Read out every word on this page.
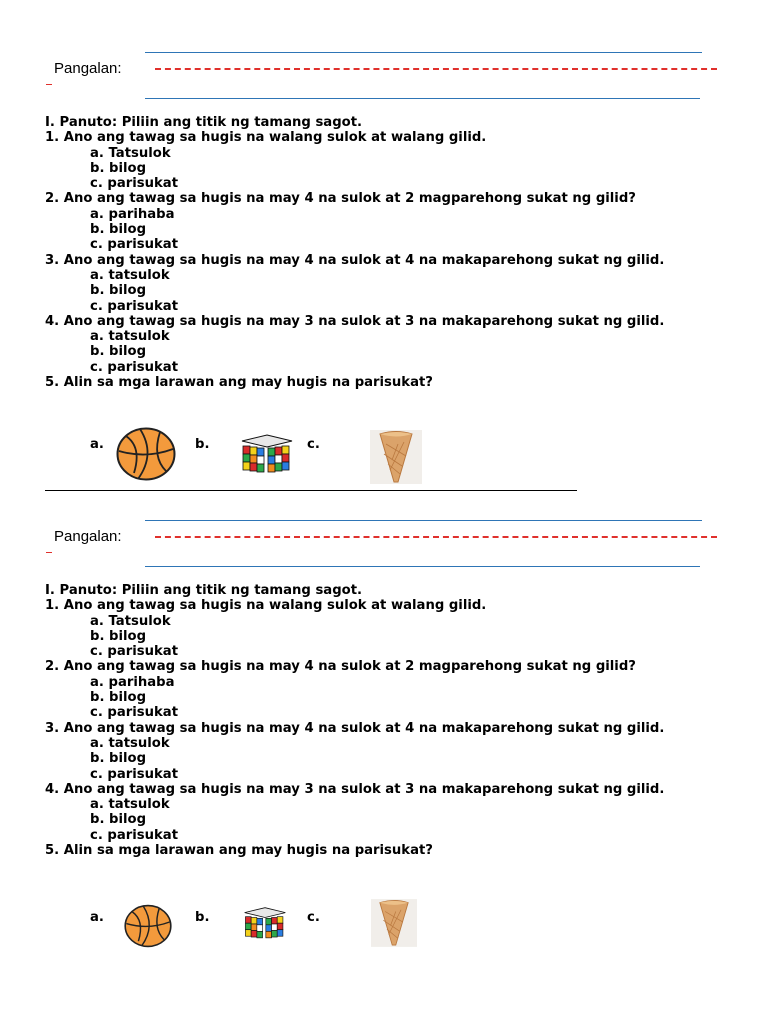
Pangalan:
I. Panuto: Piliin ang titik ng tamang sagot.
1. Ano ang tawag sa hugis na walang sulok at walang gilid.
a. Tatsulok
b. bilog
c. parisukat
2. Ano ang tawag sa hugis na may 4 na sulok at 2 magparehong sukat ng gilid?
a. parihaba
b. bilog
c. parisukat
3. Ano ang tawag sa hugis na may 4 na sulok at 4 na makaparehong sukat ng gilid.
a. tatsulok
b. bilog
c. parisukat
4. Ano ang tawag sa hugis na may 3 na sulok at 3 na makaparehong sukat ng gilid.
a. tatsulok
b. bilog
c. parisukat
5. Alin sa mga larawan ang may hugis na parisukat?
a.	b.	c.
Pangalan:
I. Panuto: Piliin ang titik ng tamang sagot.
1. Ano ang tawag sa hugis na walang sulok at walang gilid.
a. Tatsulok
b. bilog
c. parisukat
2. Ano ang tawag sa hugis na may 4 na sulok at 2 magparehong sukat ng gilid?
a. parihaba
b. bilog
c. parisukat
3. Ano ang tawag sa hugis na may 4 na sulok at 4 na makaparehong sukat ng gilid.
a. tatsulok
b. bilog
c. parisukat
4. Ano ang tawag sa hugis na may 3 na sulok at 3 na makaparehong sukat ng gilid.
a. tatsulok
b. bilog
c. parisukat
5. Alin sa mga larawan ang may hugis na parisukat?
a.	b.	c.
